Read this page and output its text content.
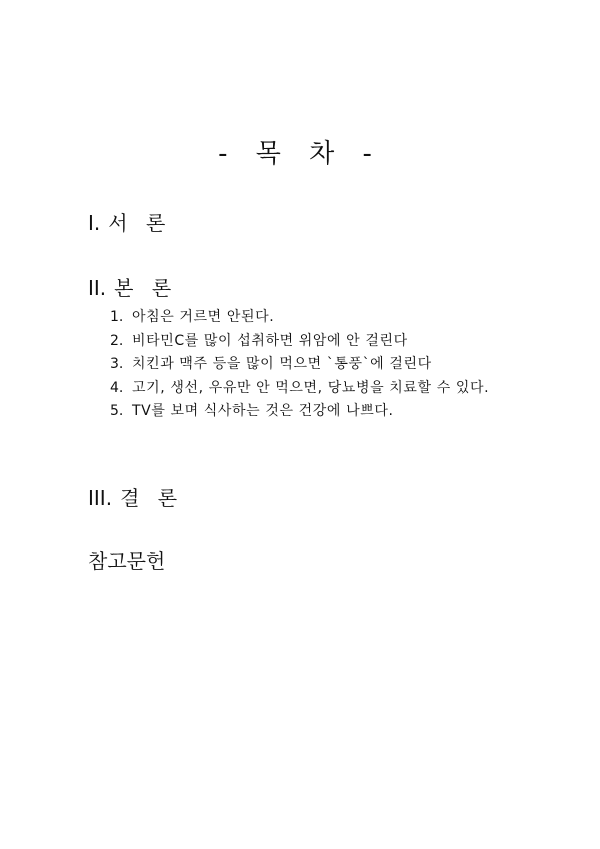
- 목 차 -
I. 서 론
II. 본 론
1. 아침은 거르면 안된다.
2. 비타민C를 많이 섭취하면 위암에 안 걸린다
3. 치킨과 맥주 등을 많이 먹으면 `통풍`에 걸린다
4. 고기, 생선, 우유만 안 먹으면, 당뇨병을 치료할 수 있다.
5. TV를 보며 식사하는 것은 건강에 나쁘다.
III. 결 론
참고문헌
